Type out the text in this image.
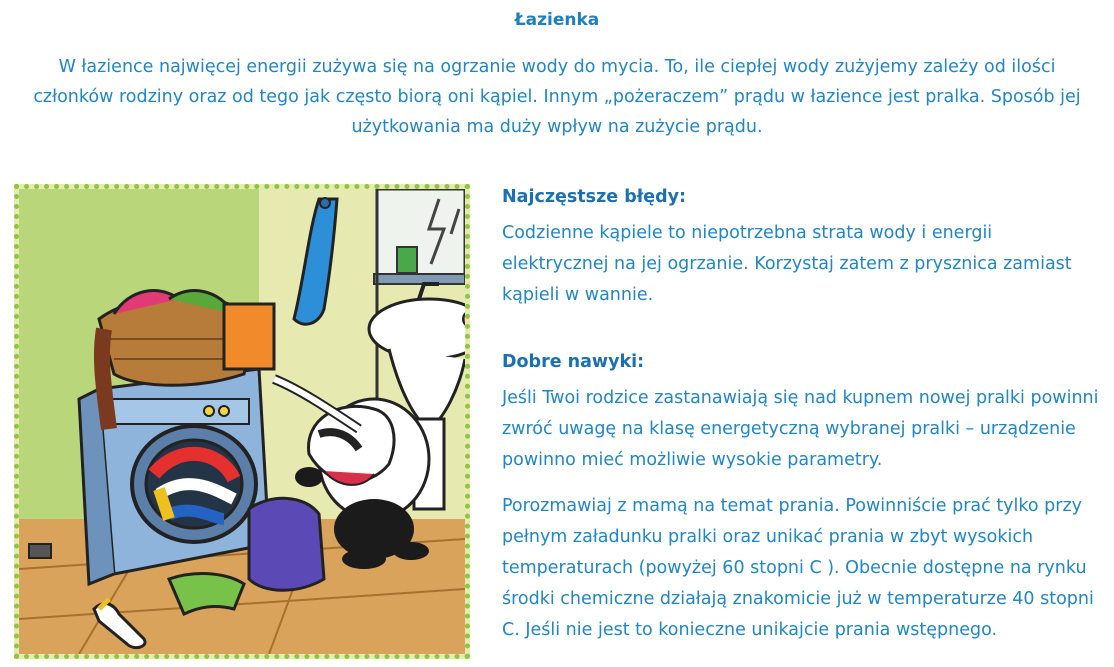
Łazienka
W łazience najwięcej energii zużywa się na ogrzanie wody do mycia. To, ile ciepłej wody zużyjemy zależy od ilości członków rodziny oraz od tego jak często biorą oni kąpiel. Innym „pożeraczem” prądu w łazience jest pralka. Sposób jej użytkowania ma duży wpływ na zużycie prądu.

Najczęstsze błędy:

Codzienne kąpiele to niepotrzebna strata wody i energii elektrycznej na jej ogrzanie. Korzystaj zatem z prysznica zamiast kąpieli w wannie.

Dobre nawyki:

Jeśli Twoi rodzice zastanawiają się nad kupnem nowej pralki powinni zwróć uwagę na klasę energetyczną wybranej pralki – urządzenie powinno mieć możliwie wysokie parametry.

Porozmawiaj z mamą na temat prania. Powinniście prać tylko przy pełnym załadunku pralki oraz unikać prania w zbyt wysokich temperaturach (powyżej 60 stopni C ). Obecnie dostępne na rynku środki chemiczne działają znakomicie już w temperaturze 40 stopni C. Jeśli nie jest to konieczne unikajcie prania wstępnego.
